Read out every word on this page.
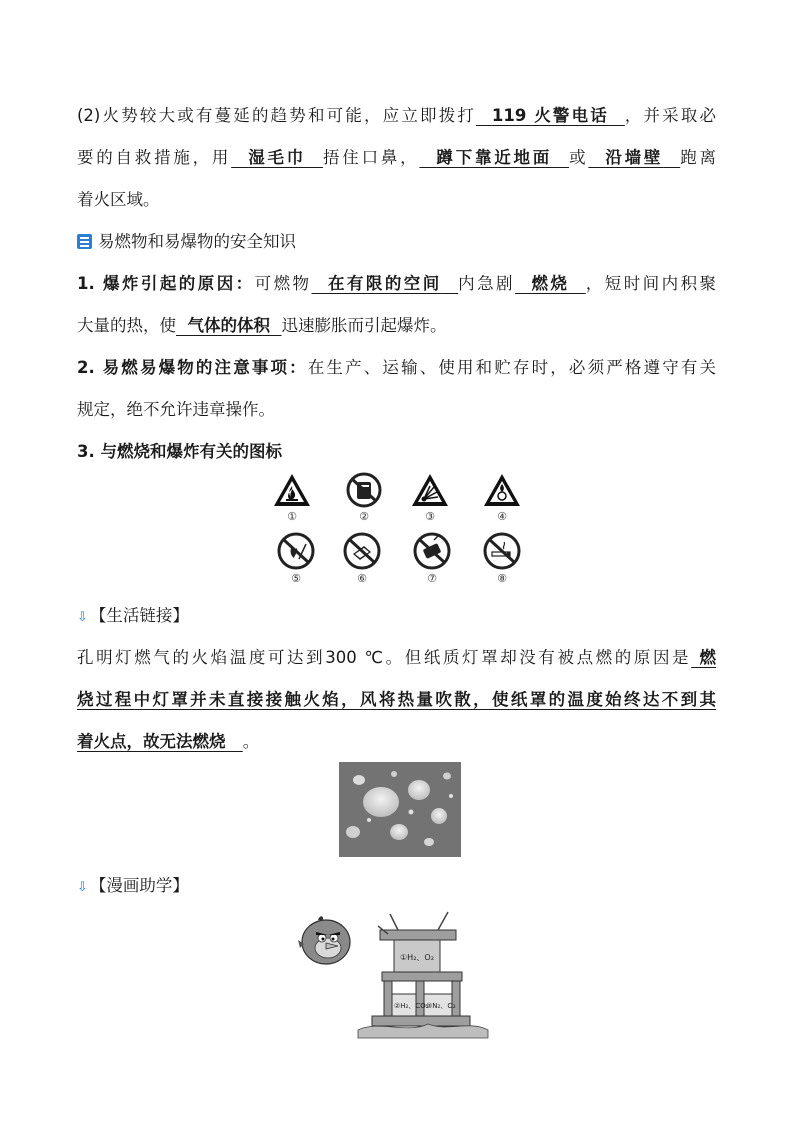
(2)火势较大或有蔓延的趋势和可能，应立即拨打 119 火警电话 ，并采取必
要的自救措施，用 湿毛巾 捂住口鼻， 蹲下靠近地面 或 沿墙壁 跑离
着火区域。
易燃物和易爆物的安全知识
1. 爆炸引起的原因：可燃物 在有限的空间 内急剧 燃烧 ，短时间内积聚
大量的热，使 气体的体积 迅速膨胀而引起爆炸。
2. 易燃易爆物的注意事项：在生产、运输、使用和贮存时，必须严格遵守有关
规定，绝不允许违章操作。
3. 与燃烧和爆炸有关的图标
①	②	③	④
⑤	⑥	⑦	⑧
⇩ 【生活链接】
孔明灯燃气的火焰温度可达到300 ℃。但纸质灯罩却没有被点燃的原因是 燃
烧过程中灯罩并未直接接触火焰，风将热量吹散，使纸罩的温度始终达不到其
着火点，故无法燃烧 。
⇩ 【漫画助学】
①H₂、O₂
②H₂、CO₂
③N₂、O₂
